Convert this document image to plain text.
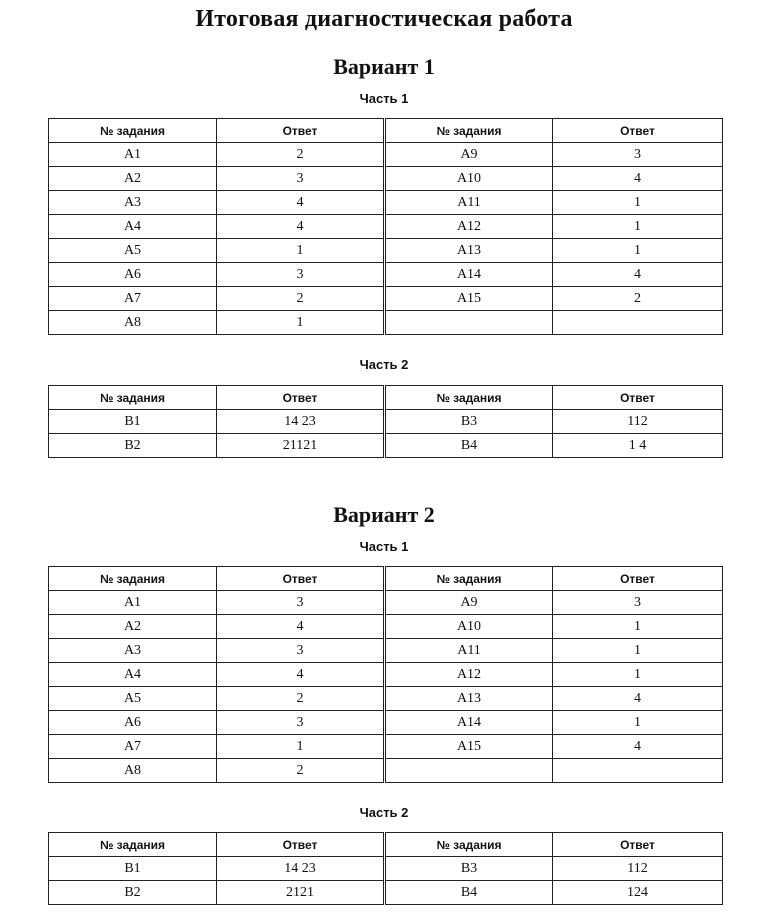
Итоговая диагностическая работа
Вариант 1
Часть 1
№ задания	Ответ	№ задания	Ответ
А1	2	А9	3
А2	3	А10	4
А3	4	А11	1
А4	4	А12	1
А5	1	А13	1
А6	3	А14	4
А7	2	А15	2
А8	1		
Часть 2
№ задания	Ответ	№ задания	Ответ
В1	14 23	В3	112
В2	21121	В4	1 4
Вариант 2
Часть 1
№ задания	Ответ	№ задания	Ответ
А1	3	А9	3
А2	4	А10	1
А3	3	А11	1
А4	4	А12	1
А5	2	А13	4
А6	3	А14	1
А7	1	А15	4
А8	2		
Часть 2
№ задания	Ответ	№ задания	Ответ
В1	14 23	В3	112
В2	2121	В4	124
